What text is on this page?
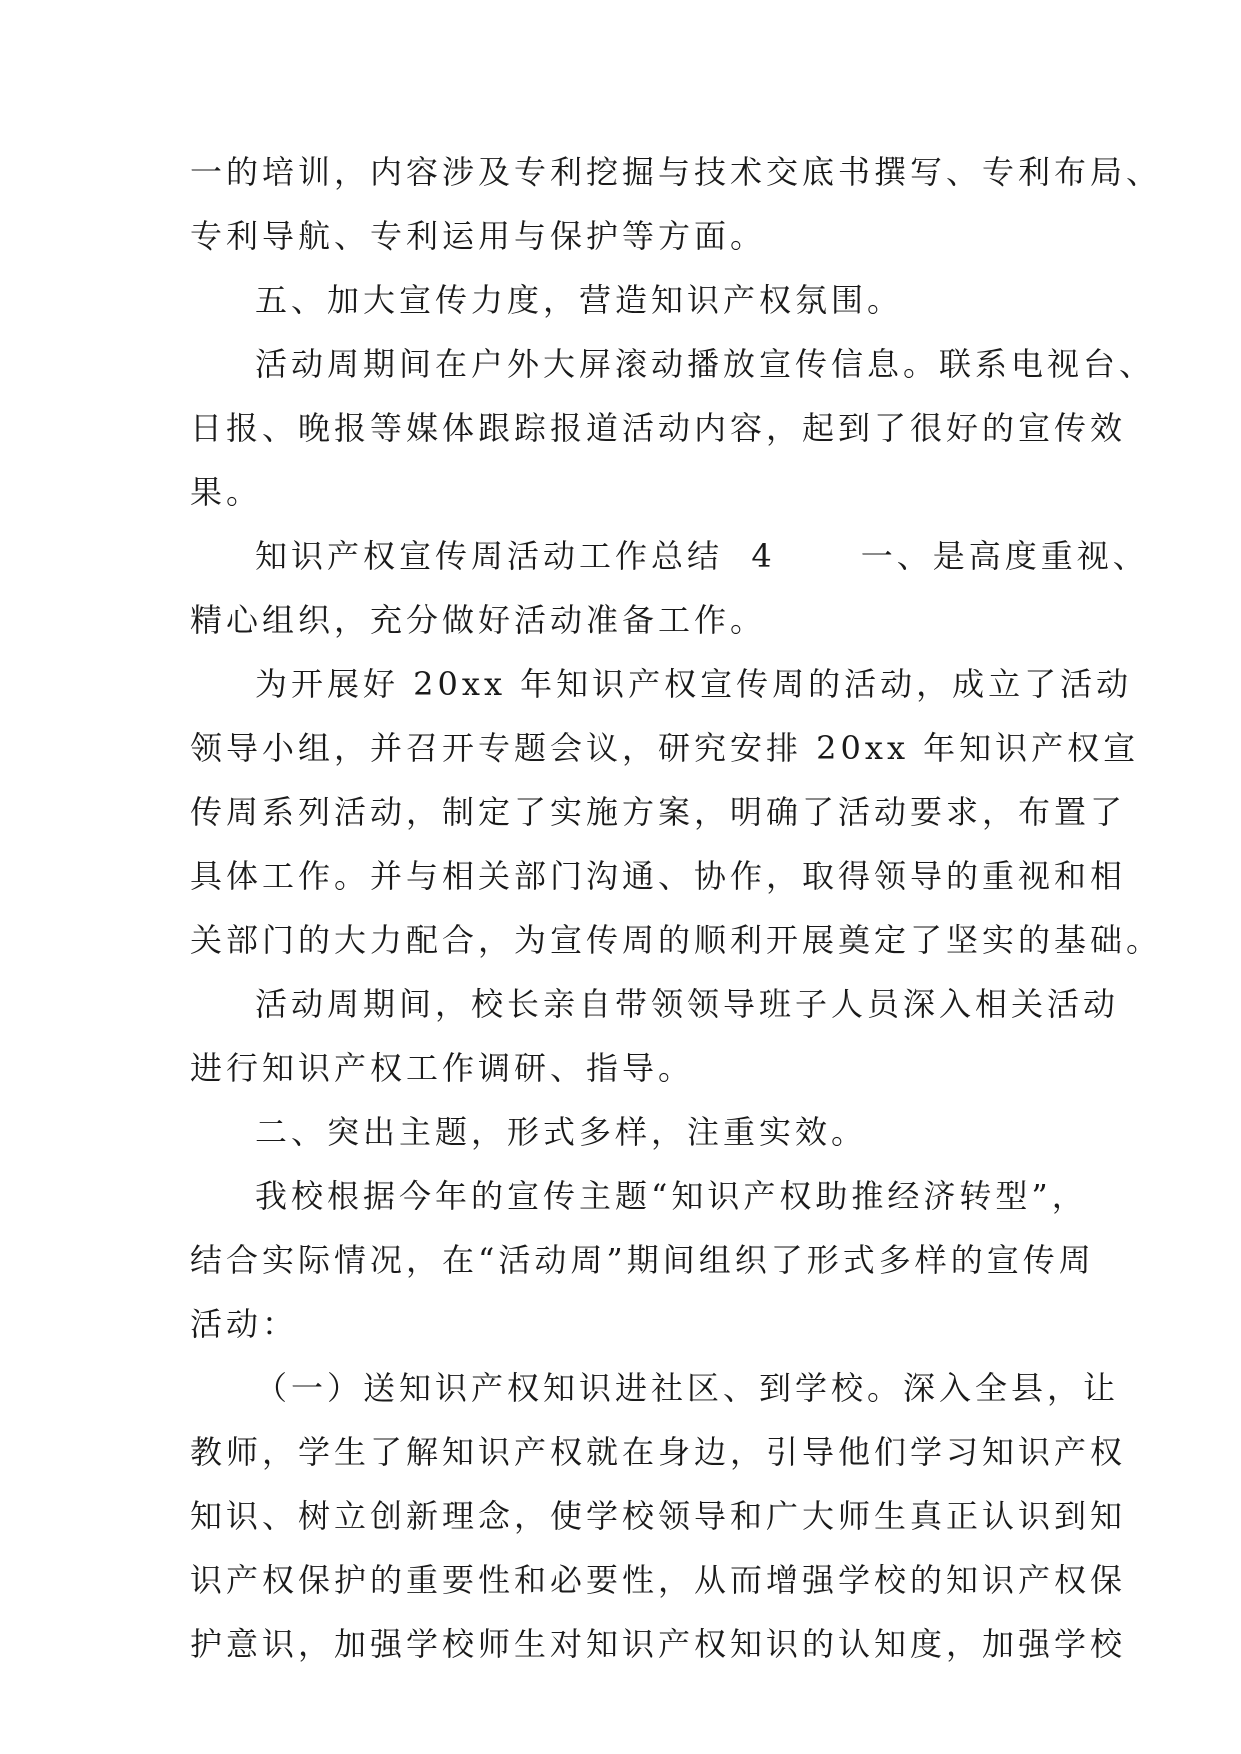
一的培训，内容涉及专利挖掘与技术交底书撰写、专利布局、

专利导航、专利运用与保护等方面。

五、加大宣传力度，营造知识产权氛围。

活动周期间在户外大屏滚动播放宣传信息。联系电视台、

日报、晚报等媒体跟踪报道活动内容，起到了很好的宣传效

果。

知识产权宣传周活动工作总结  4      一、是高度重视、

精心组织，充分做好活动准备工作。

为开展好 20xx 年知识产权宣传周的活动，成立了活动

领导小组，并召开专题会议，研究安排 20xx 年知识产权宣

传周系列活动，制定了实施方案，明确了活动要求，布置了

具体工作。并与相关部门沟通、协作，取得领导的重视和相

关部门的大力配合，为宣传周的顺利开展奠定了坚实的基础。

活动周期间，校长亲自带领领导班子人员深入相关活动

进行知识产权工作调研、指导。

二、突出主题，形式多样，注重实效。

我校根据今年的宣传主题“知识产权助推经济转型”，

结合实际情况，在“活动周”期间组织了形式多样的宣传周

活动：

（一）送知识产权知识进社区、到学校。深入全县，让

教师，学生了解知识产权就在身边，引导他们学习知识产权

知识、树立创新理念，使学校领导和广大师生真正认识到知

识产权保护的重要性和必要性，从而增强学校的知识产权保

护意识，加强学校师生对知识产权知识的认知度，加强学校
